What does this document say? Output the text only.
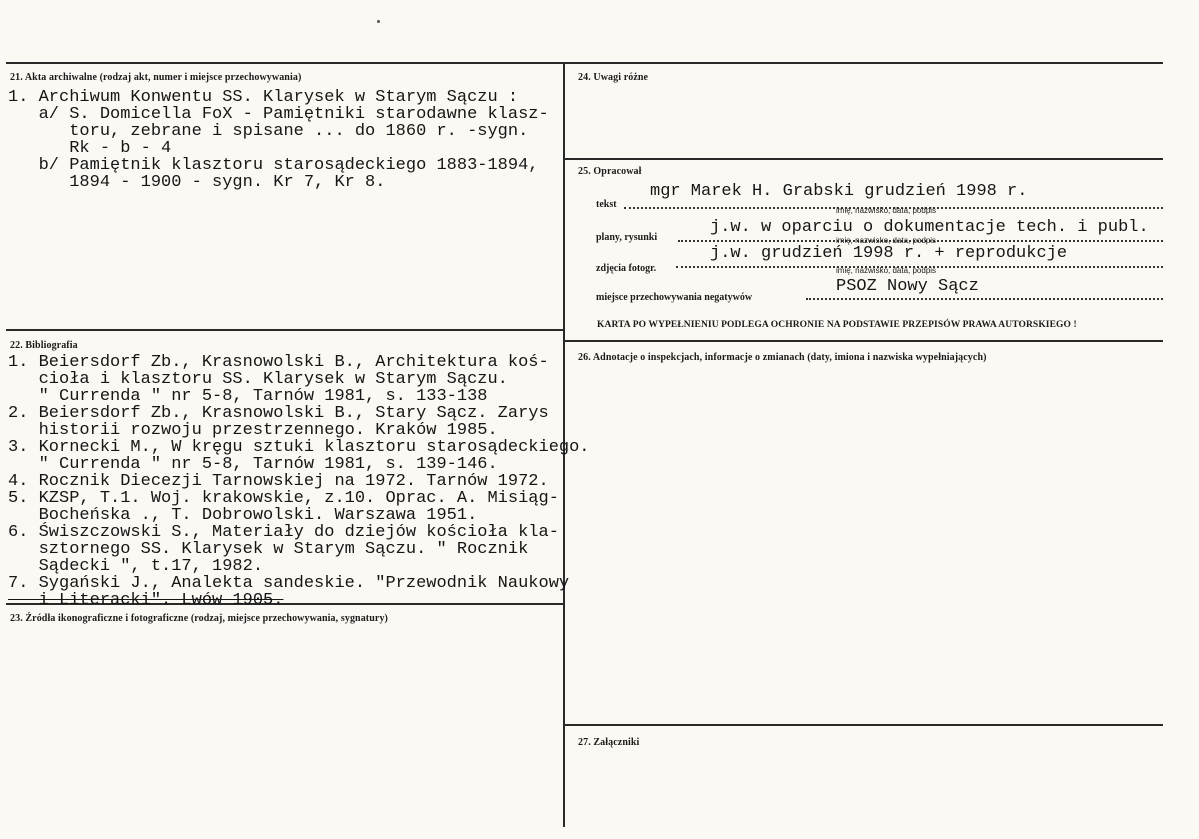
21. Akta archiwalne (rodzaj akt, numer i miejsce przechowywania)
1. Archiwum Konwentu SS. Klarysek w Starym Sączu :
a/ S. Domicella FoX - Pamiętniki starodawne klasz-
toru, zebrane i spisane ... do 1860 r. -sygn.
Rk - b - 4
b/ Pamiętnik klasztoru starosądeckiego 1883-1894,
1894 - 1900 - sygn. Kr 7, Kr 8.
22. Bibliografia
1. Beiersdorf Zb., Krasnowolski B., Architektura koś-
cioła i klasztoru SS. Klarysek w Starym Sączu.
" Currenda " nr 5-8, Tarnów 1981, s. 133-138
2. Beiersdorf Zb., Krasnowolski B., Stary Sącz. Zarys
historii rozwoju przestrzennego. Kraków 1985.
3. Kornecki M., W kręgu sztuki klasztoru starosądeckiego.
" Currenda " nr 5-8, Tarnów 1981, s. 139-146.
4. Rocznik Diecezji Tarnowskiej na 1972. Tarnów 1972.
5. KZSP, T.1. Woj. krakowskie, z.10. Oprac. A. Misiąg-
Bocheńska ., T. Dobrowolski. Warszawa 1951.
6. Świszczowski S., Materiały do dziejów kościoła kla-
sztornego SS. Klarysek w Starym Sączu. " Rocznik
Sądecki ", t.17, 1982.
7. Sygański J., Analekta sandeskie. "Przewodnik Naukowy
i Literacki". Lwów 1905.
23. Źródła ikonograficzne i fotograficzne (rodzaj, miejsce przechowywania, sygnatury)
24. Uwagi różne
25. Opracował
mgr Marek H. Grabski grudzień 1998 r.
tekst
imię, nazwisko, data, podpis
j.w. w oparciu o dokumentacje tech. i publ.
plany, rysunki	imię, nazwisko, data, podpis
j.w. grudzień 1998 r. + reprodukcje
zdjęcia fotogr.	imię, nazwisko, data, podpis
PSOZ Nowy Sącz
miejsce przechowywania negatywów
KARTA PO WYPEŁNIENIU PODLEGA OCHRONIE NA PODSTAWIE PRZEPISÓW PRAWA AUTORSKIEGO !
26. Adnotacje o inspekcjach, informacje o zmianach (daty, imiona i nazwiska wypełniających)
27. Załączniki
